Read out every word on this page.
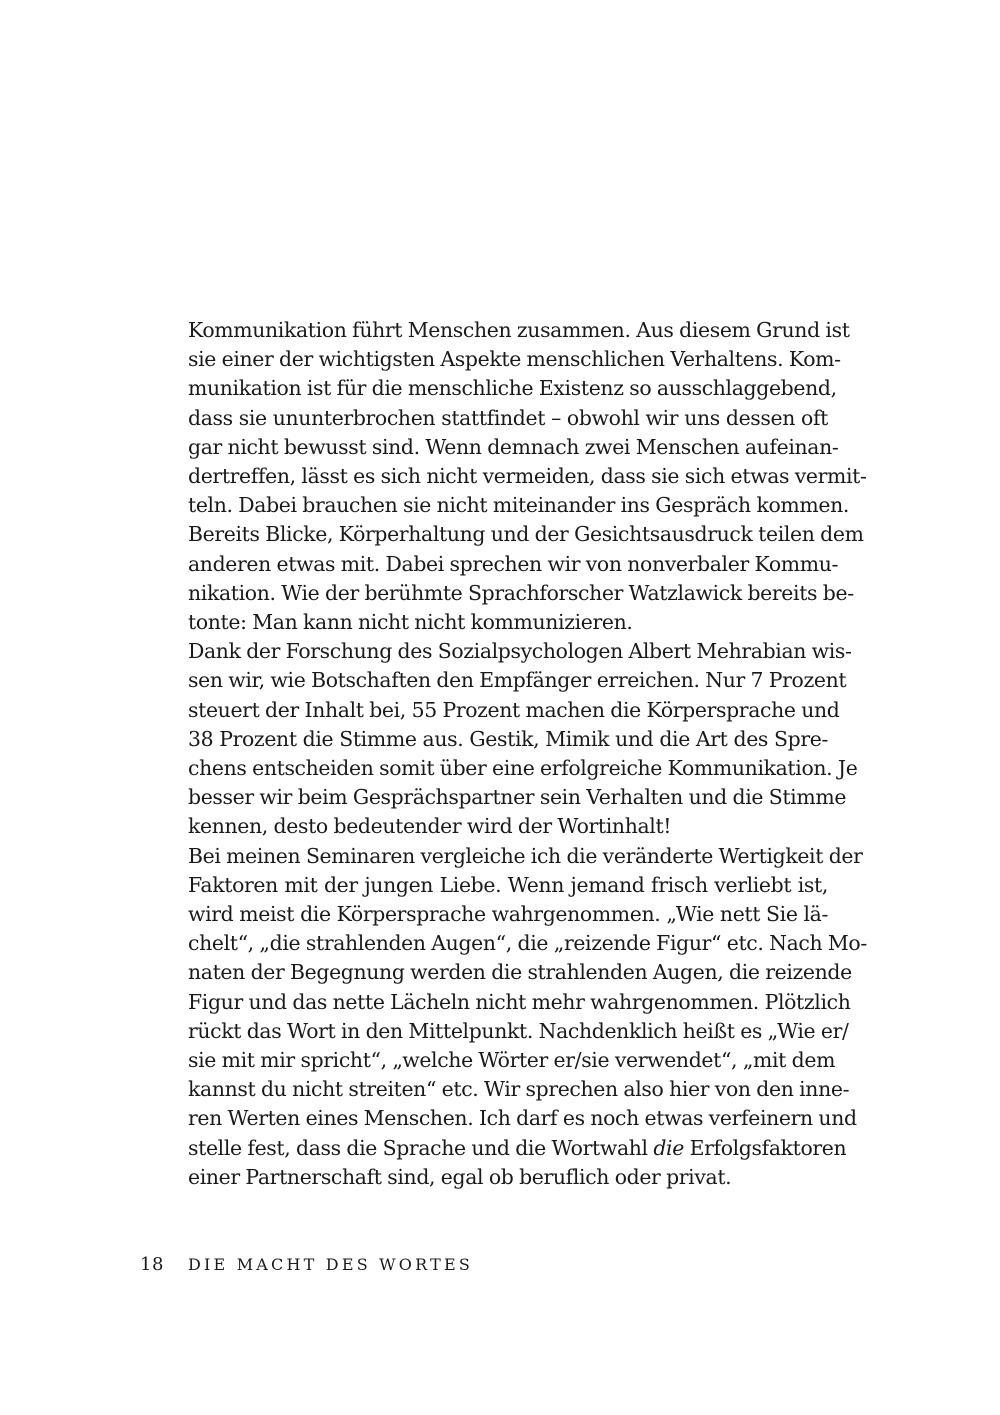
Kommunikation führt Menschen zusammen. Aus diesem Grund ist
sie einer der wichtigsten Aspekte menschlichen Verhaltens. Kom-
munikation ist für die menschliche Existenz so ausschlaggebend,
dass sie ununterbrochen stattfindet – obwohl wir uns dessen oft
gar nicht bewusst sind. Wenn demnach zwei Menschen aufeinan-
dertreffen, lässt es sich nicht vermeiden, dass sie sich etwas vermit-
teln. Dabei brauchen sie nicht miteinander ins Gespräch kommen.
Bereits Blicke, Körperhaltung und der Gesichtsausdruck teilen dem
anderen etwas mit. Dabei sprechen wir von nonverbaler Kommu-
nikation. Wie der berühmte Sprachforscher Watzlawick bereits be-
tonte: Man kann nicht nicht kommunizieren.
Dank der Forschung des Sozialpsychologen Albert Mehrabian wis-
sen wir, wie Botschaften den Empfänger erreichen. Nur 7 Prozent
steuert der Inhalt bei, 55 Prozent machen die Körpersprache und
38 Prozent die Stimme aus. Gestik, Mimik und die Art des Spre-
chens entscheiden somit über eine erfolgreiche Kommunikation. Je
besser wir beim Gesprächspartner sein Verhalten und die Stimme
kennen, desto bedeutender wird der Wortinhalt!
Bei meinen Seminaren vergleiche ich die veränderte Wertigkeit der
Faktoren mit der jungen Liebe. Wenn jemand frisch verliebt ist,
wird meist die Körpersprache wahrgenommen. „Wie nett Sie lä-
chelt“, „die strahlenden Augen“, die „reizende Figur“ etc. Nach Mo-
naten der Begegnung werden die strahlenden Augen, die reizende
Figur und das nette Lächeln nicht mehr wahrgenommen. Plötzlich
rückt das Wort in den Mittelpunkt. Nachdenklich heißt es „Wie er/
sie mit mir spricht“, „welche Wörter er/sie verwendet“, „mit dem
kannst du nicht streiten“ etc. Wir sprechen also hier von den inne-
ren Werten eines Menschen. Ich darf es noch etwas verfeinern und
stelle fest, dass die Sprache und die Wortwahl die Erfolgsfaktoren
einer Partnerschaft sind, egal ob beruflich oder privat.
18 DIE MACHT DES WORTES
